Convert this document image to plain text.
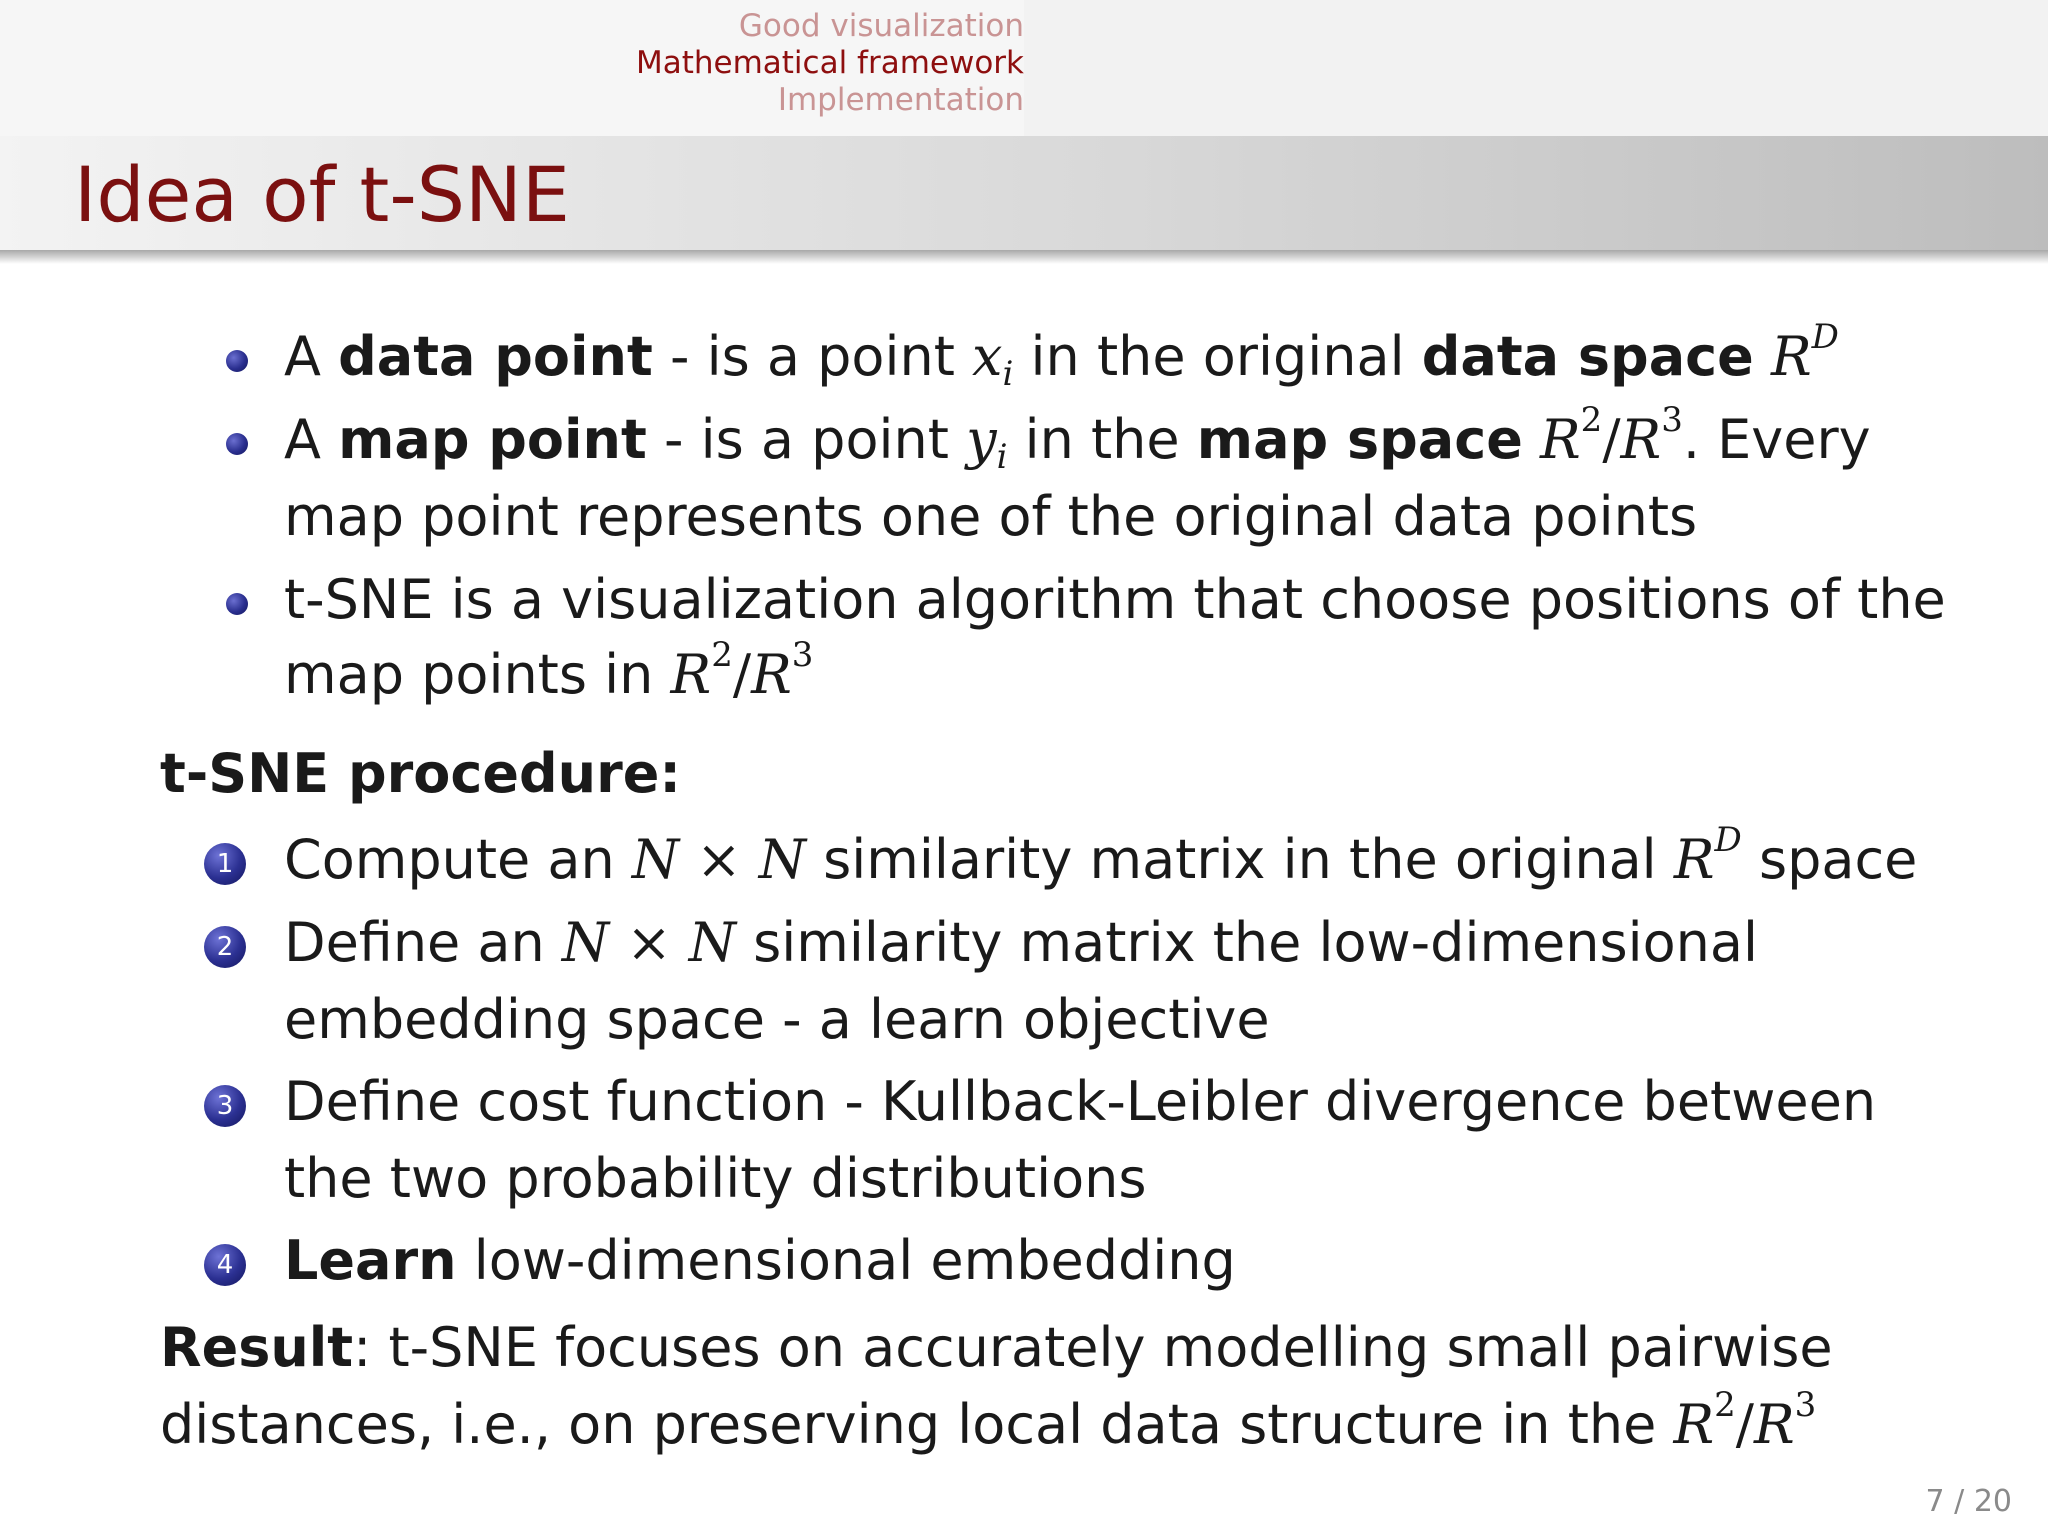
Good visualization
Mathematical framework
Implementation
Idea of t-SNE
A data point - is a point $x_i$ in the original data space $R^D$
A map point - is a point $y_i$ in the map space $R^2/R^3$. Every
map point represents one of the original data points
t-SNE is a visualization algorithm that choose positions of the
map points in $R^2/R^3$
t-SNE procedure:
1 Compute an N × N similarity matrix in the original $R^D$ space
2 Define an N × N similarity matrix the low-dimensional
embedding space - a learn objective
3 Define cost function - Kullback-Leibler divergence between
the two probability distributions
4 Learn low-dimensional embedding
Result: t-SNE focuses on accurately modelling small pairwise
distances, i.e., on preserving local data structure in the $R^2/R^3$
7 / 20
